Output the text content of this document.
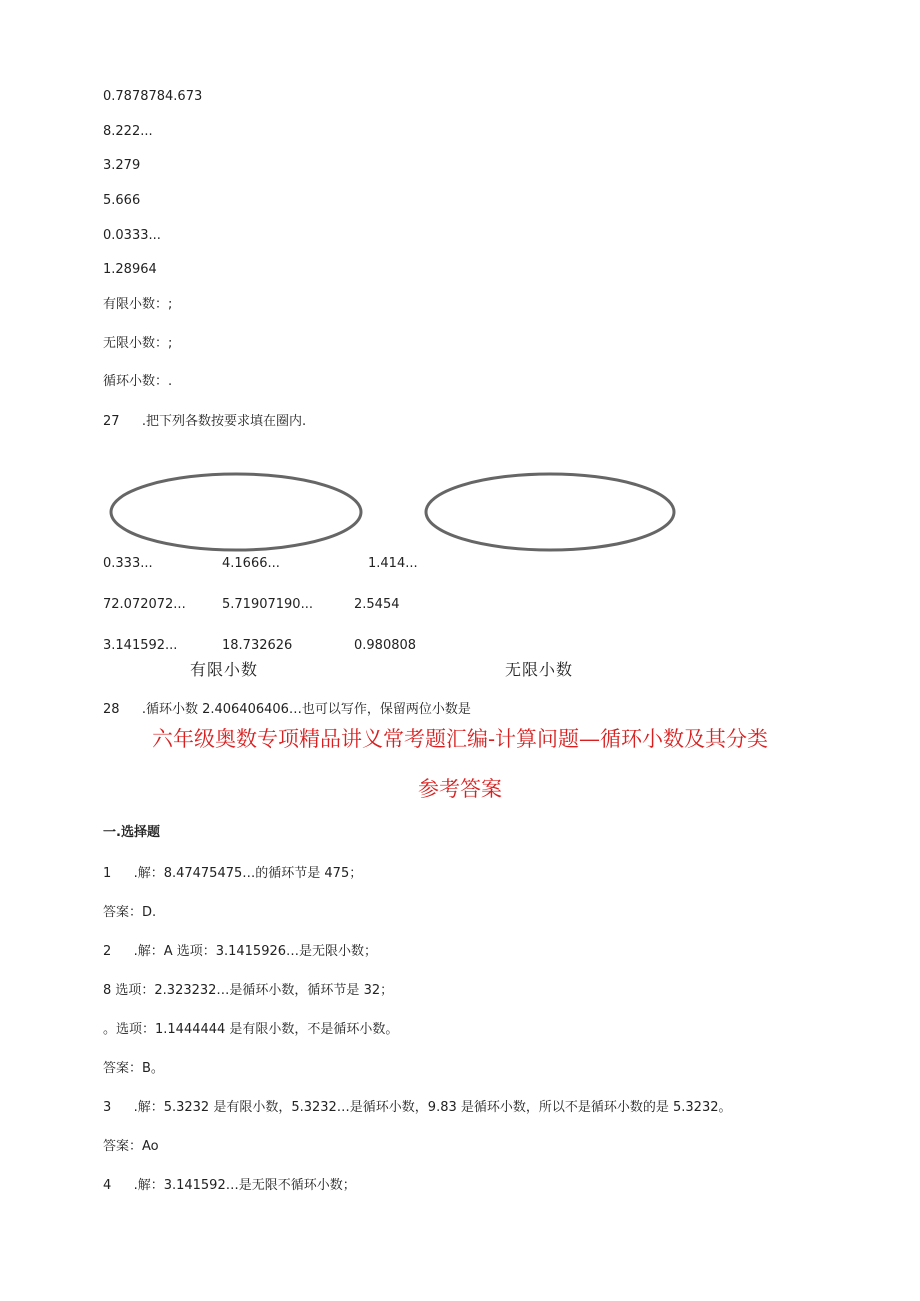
0.7878784.673
8.222...
3.279
5.666
0.0333...
1.28964
有限小数：;
无限小数：;
循环小数：.
27 .把下列各数按要求填在圈内.
0.333...	4.1666...	1.414...
72.072072...	5.71907190...	2.5454
3.141592...	18.732626	0.980808
有限小数	无限小数
28 .循环小数 2.406406406…也可以写作，保留两位小数是
六年级奥数专项精品讲义常考题汇编-计算问题—循环小数及其分类
参考答案
一.选择题
1 .解：8.47475475…的循环节是 475；
答案：D.
2 .解：A 选项：3.1415926…是无限小数；
8 选项：2.323232…是循环小数，循环节是 32；
。选项：1.1444444 是有限小数，不是循环小数。
答案：B。
3 .解：5.3232 是有限小数，5.3232…是循环小数，9.83 是循环小数，所以不是循环小数的是 5.3232。
答案：Ao
4 .解：3.141592…是无限不循环小数；
